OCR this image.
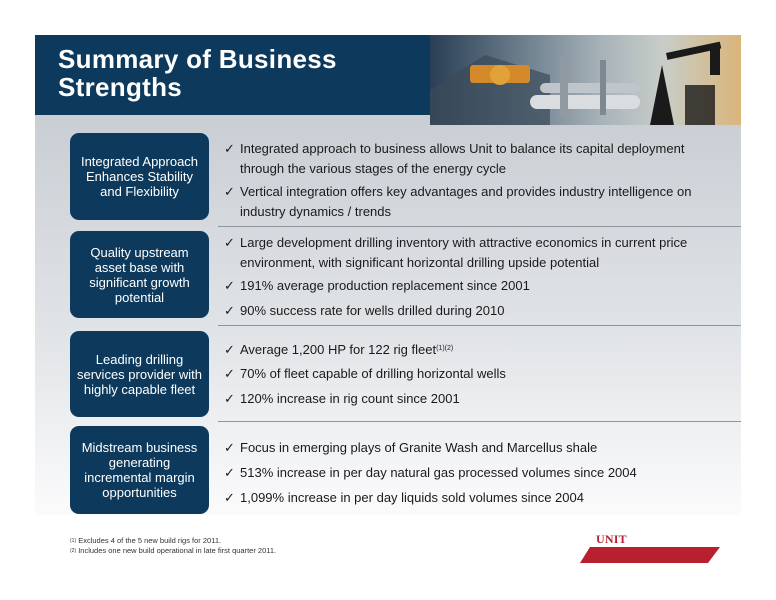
Summary of Business
Strengths
Integrated Approach Enhances Stability and Flexibility
✓ Integrated approach to business allows Unit to balance its capital deployment through the various stages of the energy cycle
✓ Vertical integration offers key advantages and provides industry intelligence on industry dynamics / trends
Quality upstream asset base with significant growth potential
✓ Large development drilling inventory with attractive economics in current price environment, with significant horizontal drilling upside potential
✓ 191% average production replacement since 2001
✓ 90% success rate for wells drilled during 2010
Leading drilling services provider with highly capable fleet
✓ Average 1,200 HP for 122 rig fleet$^{(1)(2)}$
✓ 70% of fleet capable of drilling horizontal wells
✓ 120% increase in rig count since 2001
Midstream business generating incremental margin opportunities
✓ Focus in emerging plays of Granite Wash and Marcellus shale
✓ 513% increase in per day natural gas processed volumes since 2004
✓ 1,099% increase in per day liquids sold volumes since 2004
$^{(1)}$ Excludes 4 of the 5 new build rigs for 2011.
$^{(2)}$ Includes one new build operational in late first quarter 2011.
UNIT
